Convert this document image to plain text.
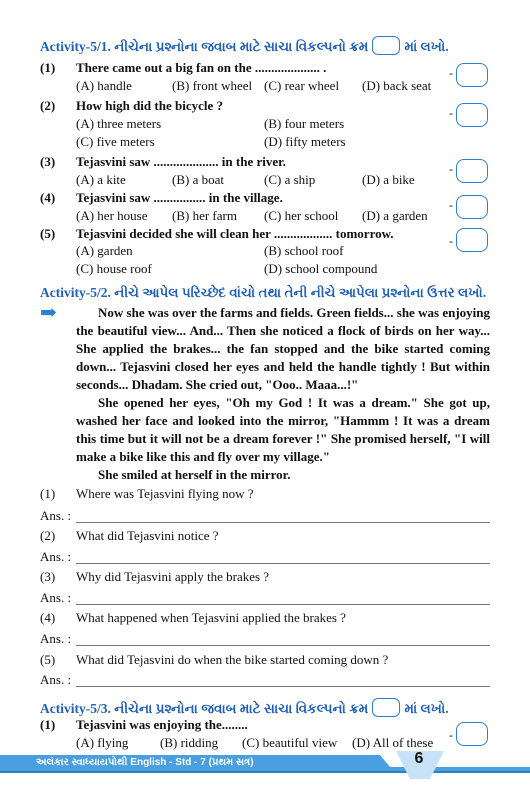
Activity-5/1. નીચેના પ્રશ્નોના જવાબ માટે સાચા વિકલ્પનો ક્રમ	માં લખો.
(1) There came out a big fan on the .................... .
(A) handle	(B) front wheel (C) rear wheel (D) back seat
-
(2) How high did the bicycle ?
(A) three meters	(B) four meters
(C) five meters	(D) fifty meters
-
(3) Tejasvini saw .................... in the river.
(A) a kite	(B) a boat	(C) a ship	(D) a bike
-
(4) Tejasvini saw ................ in the village.
(A) her house (B) her farm (C) her school (D) a garden
-
(5) Tejasvini decided she will clean her .................. tomorrow.
(A) garden	(B) school roof
(C) house roof	(D) school compound
-
Activity-5/2. નીચે આપેલ પરિચ્છેદ વાંચો તથા તેની નીચે આપેલા પ્રશ્નોના ઉત્તર લખો.
➡	Now she was over the farms and fields. Green fields... she was enjoying the beautiful view... And... Then she noticed a flock of birds on her way... She applied the brakes... the fan stopped and the bike started coming down... Tejasvini closed her eyes and held the handle tightly ! But within seconds... Dhadam. She cried out, "Ooo.. Maaa...!"

She opened her eyes, "Oh my God ! It was a dream." She got up, washed her face and looked into the mirror, "Hammm ! It was a dream this time but it will not be a dream forever !" She promised herself, "I will make a bike like this and fly over my village."

She smiled at herself in the mirror.

(1) Where was Tejasvini flying now ?
Ans. :
(2) What did Tejasvini notice ?
Ans. :
(3) Why did Tejasvini apply the brakes ?
Ans. :
(4) What happened when Tejasvini applied the brakes ?
Ans. :
(5) What did Tejasvini do when the bike started coming down ?
Ans. :
Activity-5/3. નીચેના પ્રશ્નોના જવાબ માટે સાચા વિકલ્પનો ક્રમ	માં લખો.
(1) Tejasvini was enjoying the........
(A) flying (B) ridding (C) beautiful view (D) All of these -
અલંકાર સ્વાધ્યાયપોથી English - Std - 7 (પ્રથમ સત્ર)	6
